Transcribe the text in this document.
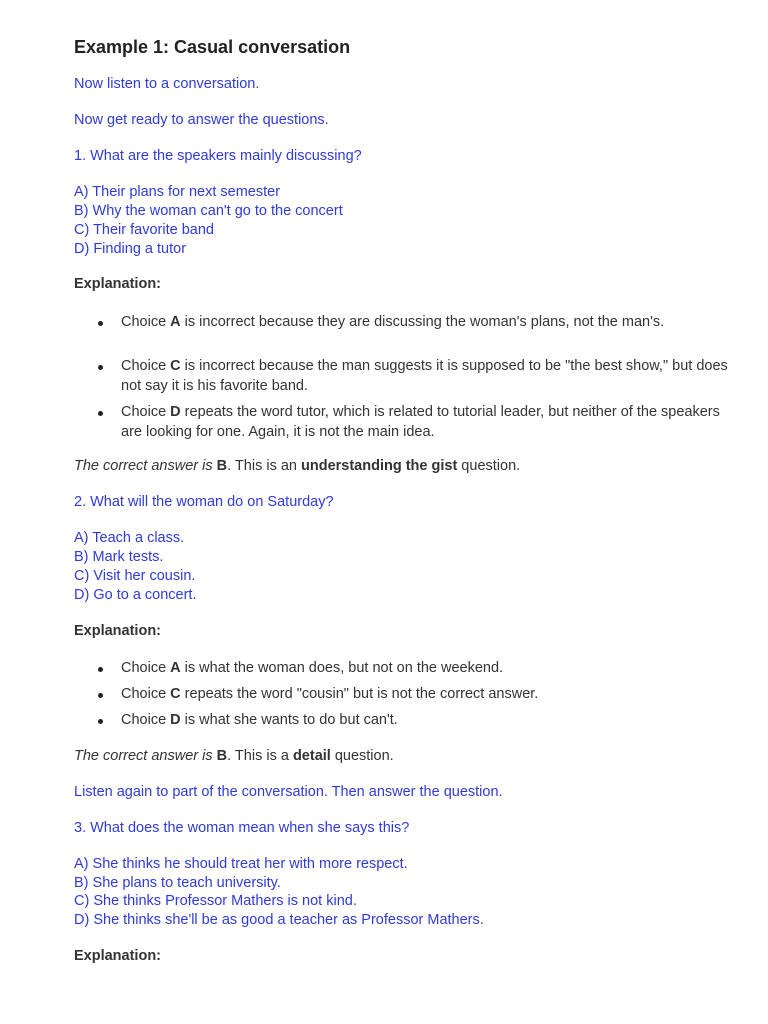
Example 1: Casual conversation
Now listen to a conversation.
Now get ready to answer the questions.
1. What are the speakers mainly discussing?
A) Their plans for next semester
B) Why the woman can't go to the concert
C) Their favorite band
D) Finding a tutor
Explanation:
Choice A is incorrect because they are discussing the woman's plans, not the man's.
Choice C is incorrect because the man suggests it is supposed to be "the best show," but does not say it is his favorite band.
Choice D repeats the word tutor, which is related to tutorial leader, but neither of the speakers are looking for one. Again, it is not the main idea.
The correct answer is B. This is an understanding the gist question.
2. What will the woman do on Saturday?
A) Teach a class.
B) Mark tests.
C) Visit her cousin.
D) Go to a concert.
Explanation:
Choice A is what the woman does, but not on the weekend.
Choice C repeats the word "cousin" but is not the correct answer.
Choice D is what she wants to do but can't.
The correct answer is B. This is a detail question.
Listen again to part of the conversation. Then answer the question.
3. What does the woman mean when she says this?
A) She thinks he should treat her with more respect.
B) She plans to teach university.
C) She thinks Professor Mathers is not kind.
D) She thinks she'll be as good a teacher as Professor Mathers.
Explanation:
